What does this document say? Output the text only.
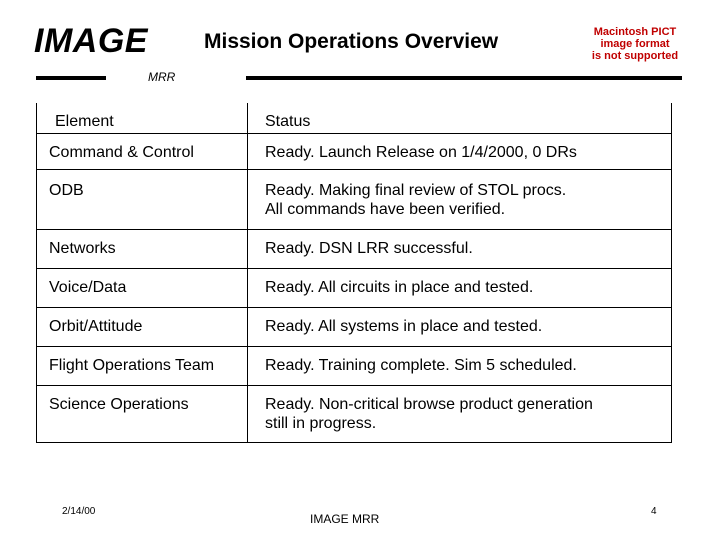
IMAGE	Mission Operations Overview	Macintosh PICT
image format
is not supported
MRR
Element	Status
Command & Control	Ready. Launch Release on 1/4/2000, 0 DRs
ODB	Ready. Making final review of STOL procs.
All commands have been verified.
Networks	Ready. DSN LRR successful.
Voice/Data	Ready. All circuits in place and tested.
Orbit/Attitude	Ready. All systems in place and tested.
Flight Operations Team	Ready. Training complete. Sim 5 scheduled.
Science Operations	Ready. Non-critical browse product generation
still in progress.
2/14/00
IMAGE MRR
4
